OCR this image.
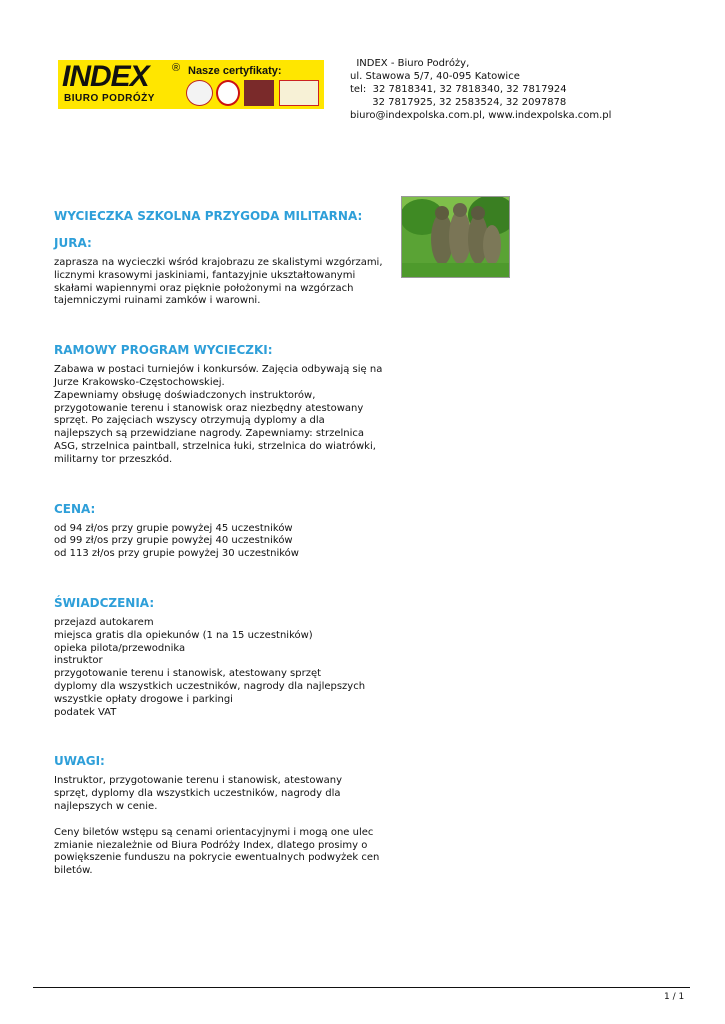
INDEX ®
BIURO PODRÓŻY
Nasze certyfikaty:
INDEX - Biuro Podróży,
ul. Stawowa 5/7, 40-095 Katowice
tel:  32 7818341, 32 7818340, 32 7817924
32 7817925, 32 2583524, 32 2097878
biuro@indexpolska.com.pl, www.indexpolska.com.pl
WYCIECZKA SZKOLNA PRZYGODA MILITARNA:
JURA:

zaprasza na wycieczki wśród krajobrazu ze skalistymi wzgórzami, licznymi krasowymi jaskiniami, fantazyjnie ukształtowanymi skałami wapiennymi oraz pięknie położonymi na wzgórzach tajemniczymi ruinami zamków i warowni.

RAMOWY PROGRAM WYCIECZKI:

Zabawa w postaci turniejów i konkursów. Zajęcia odbywają się na Jurze Krakowsko-Częstochowskiej.
Zapewniamy obsługę doświadczonych instruktorów, przygotowanie terenu i stanowisk oraz niezbędny atestowany sprzęt. Po zajęciach wszyscy otrzymują dyplomy a dla najlepszych są przewidziane nagrody. Zapewniamy: strzelnica ASG, strzelnica paintball, strzelnica łuki, strzelnica do wiatrówki, militarny tor przeszkód.

CENA:

od 94 zł/os przy grupie powyżej 45 uczestników

od 99 zł/os przy grupie powyżej 40 uczestników

od 113 zł/os przy grupie powyżej 30 uczestników

ŚWIADCZENIA:

przejazd autokarem

miejsca gratis dla opiekunów (1 na 15 uczestników)

opieka pilota/przewodnika

instruktor

przygotowanie terenu i stanowisk, atestowany sprzęt

dyplomy dla wszystkich uczestników, nagrody dla najlepszych

wszystkie opłaty drogowe i parkingi

podatek VAT

UWAGI:

Instruktor, przygotowanie terenu i stanowisk, atestowany sprzęt, dyplomy dla wszystkich uczestników, nagrody dla najlepszych w cenie.

Ceny biletów wstępu są cenami orientacyjnymi i mogą one ulec zmianie niezależnie od Biura Podróży Index, dlatego prosimy o powiększenie funduszu na pokrycie ewentualnych podwyżek cen biletów.

1 / 1
